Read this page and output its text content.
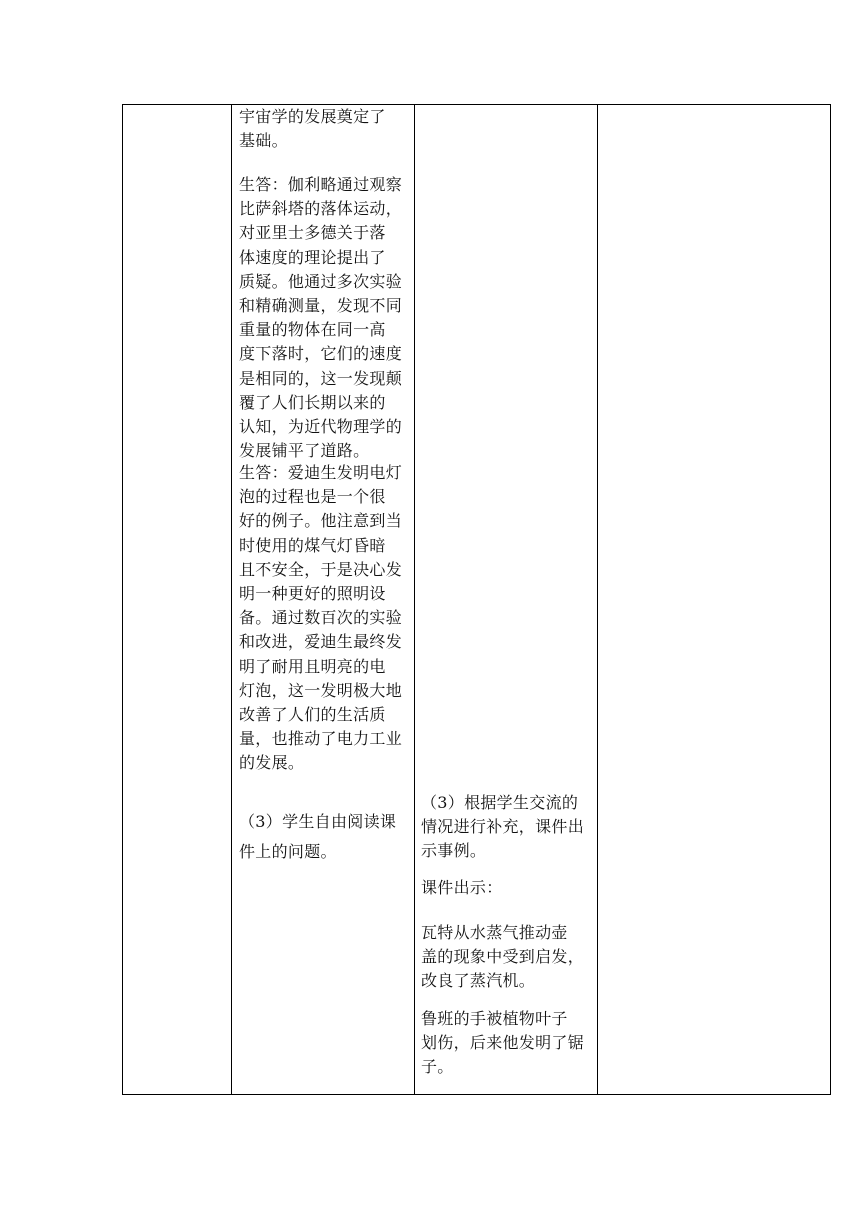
宇宙学的发展奠定了
基础。

生答：伽利略通过观察
比萨斜塔的落体运动，
对亚里士多德关于落
体速度的理论提出了
质疑。他通过多次实验
和精确测量，发现不同
重量的物体在同一高
度下落时，它们的速度
是相同的，这一发现颠
覆了人们长期以来的
认知，为近代物理学的
发展铺平了道路。

生答：爱迪生发明电灯
泡的过程也是一个很
好的例子。他注意到当
时使用的煤气灯昏暗
且不安全，于是决心发
明一种更好的照明设
备。通过数百次的实验
和改进，爱迪生最终发
明了耐用且明亮的电
灯泡，这一发明极大地
改善了人们的生活质
量，也推动了电力工业
的发展。

（3）学生自由阅读课
件上的问题。

（3）根据学生交流的
情况进行补充，课件出
示事例。

课件出示：

瓦特从水蒸气推动壶
盖的现象中受到启发，
改良了蒸汽机。

鲁班的手被植物叶子
划伤，后来他发明了锯
子。
